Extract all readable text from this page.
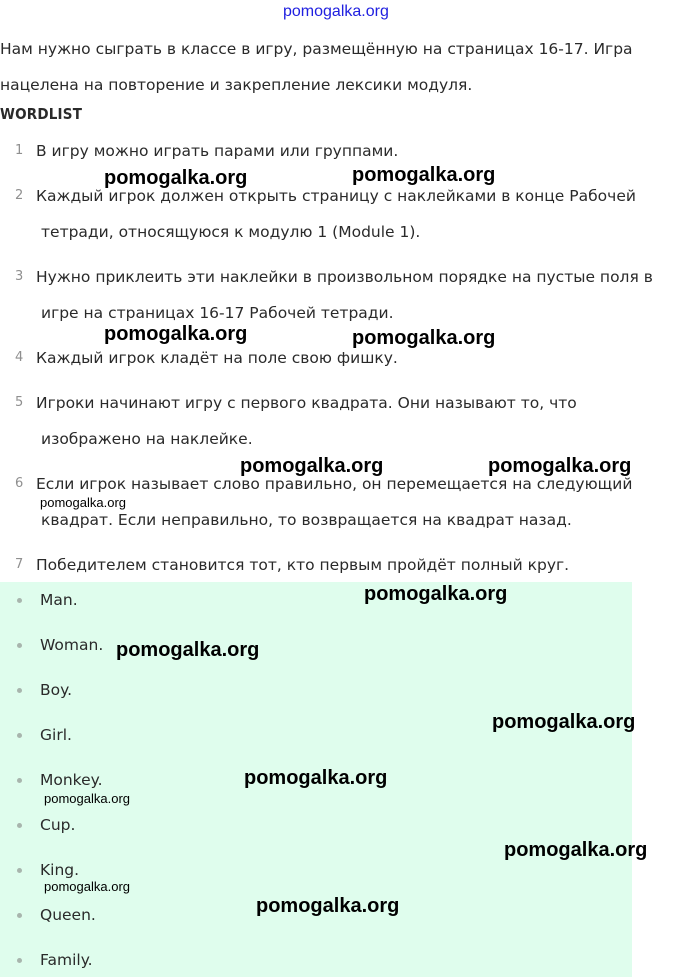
pomogalka.org
pomogalka.org	pomogalka.org
pomogalka.org	pomogalka.org
pomogalka.org	pomogalka.org
pomogalka.org
pomogalka.org
pomogalka.org
pomogalka.org
pomogalka.org
pomogalka.org
pomogalka.org
pomogalka.org
pomogalka.org

Нам нужно сыграть в классе в игру, размещённую на страницах 16-17. Игра нацелена на повторение и закрепление лексики модуля.

WORDLIST
1 В игру можно играть парами или группами.
2 Каждый игрок должен открыть страницу с наклейками в конце Рабочей
тетради, относящуюся к модулю 1 (Module 1).
3 Нужно приклеить эти наклейки в произвольном порядке на пустые поля в
игре на страницах 16-17 Рабочей тетради.
4 Каждый игрок кладёт на поле свою фишку.
5 Игроки начинают игру с первого квадрата. Они называют то, что
изображено на наклейке.
6 Если игрок называет слово правильно, он перемещается на следующий
квадрат. Если неправильно, то возвращается на квадрат назад.
7 Победителем становится тот, кто первым пройдёт полный круг.
Man.
Woman.
Boy.
Girl.
Monkey.
Cup.
King.
Queen.
Family.
